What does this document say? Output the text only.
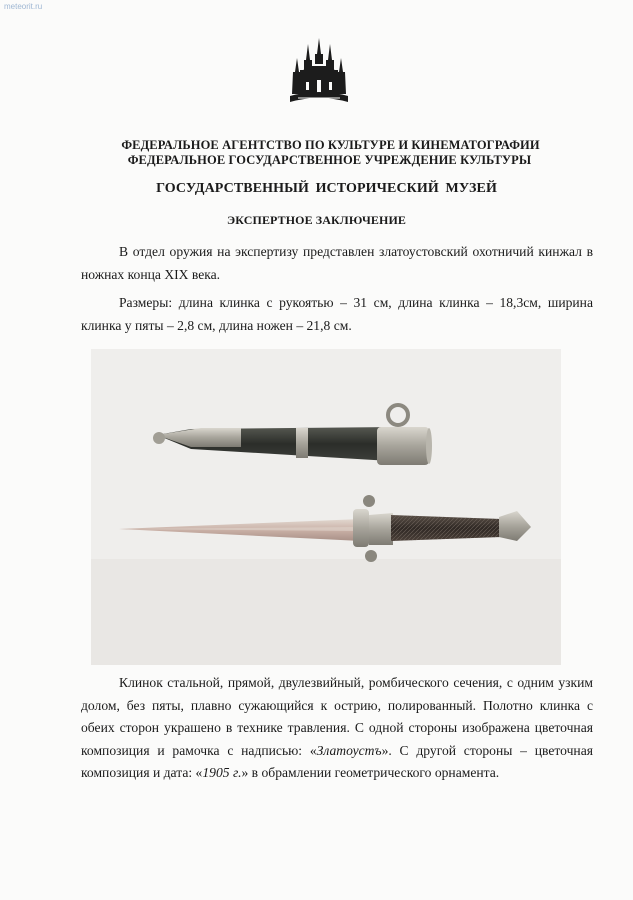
meteorit.ru
ФЕДЕРАЛЬНОЕ АГЕНТСТВО ПО КУЛЬТУРЕ И КИНЕМАТОГРАФИИ
ФЕДЕРАЛЬНОЕ ГОСУДАРСТВЕННОЕ УЧРЕЖДЕНИЕ КУЛЬТУРЫ
ГОСУДАРСТВЕННЫЙ ИСТОРИЧЕСКИЙ МУЗЕЙ
ЭКСПЕРТНОЕ ЗАКЛЮЧЕНИЕ
В отдел оружия на экспертизу представлен златоустовский охотничий кинжал в ножнах конца XIX века.
Размеры: длина клинка с рукоятью – 31 см, длина клинка – 18,3см, ширина клинка у пяты – 2,8 см, длина ножен – 21,8 см.
Клинок стальной, прямой, двулезвийный, ромбического сечения, с одним узким долом, без пяты, плавно сужающийся к острию, полированный. Полотно клинка с обеих сторон украшено в технике травления. С одной стороны изображена цветочная композиция и рамочка с надписью: «Златоустъ». С другой стороны – цветочная композиция и дата: «1905 г.» в обрамлении геометрического орнамента.
